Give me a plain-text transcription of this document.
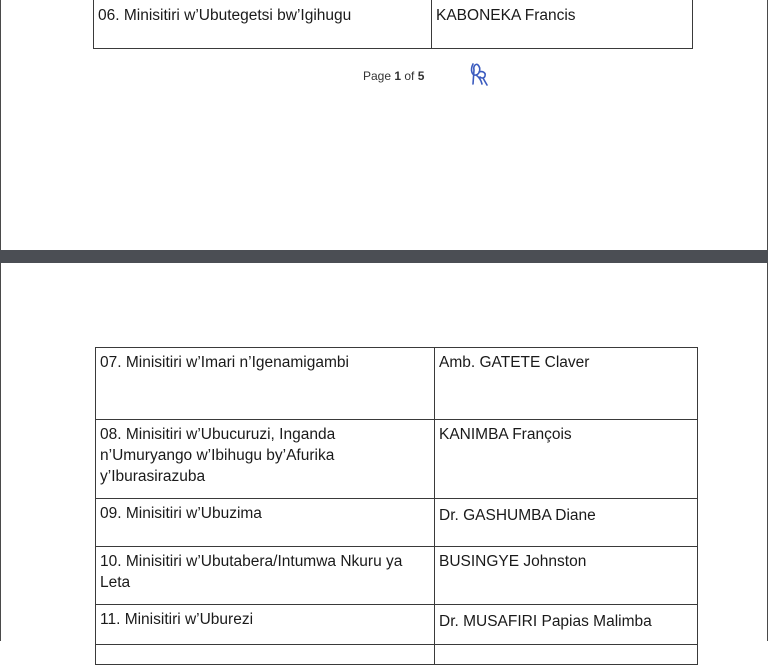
06. Minisitiri w’Ubutegetsi bw’Igihugu	KABONEKA Francis
Page 1 of 5
07. Minisitiri w’Imari n’Igenamigambi	Amb. GATETE Claver

08. Minisitiri w’Ubucuruzi, Inganda
n’Umuryango w’Ibihugu by’Afurika
y’Iburasirazuba	KANIMBA François
09. Minisitiri w’Ubuzima	Dr. GASHUMBA Diane

10. Minisitiri w’Ubutabera/Intumwa Nkuru ya
Leta	BUSINGYE Johnston
11. Minisitiri w’Uburezi	Dr. MUSAFIRI Papias Malimba
